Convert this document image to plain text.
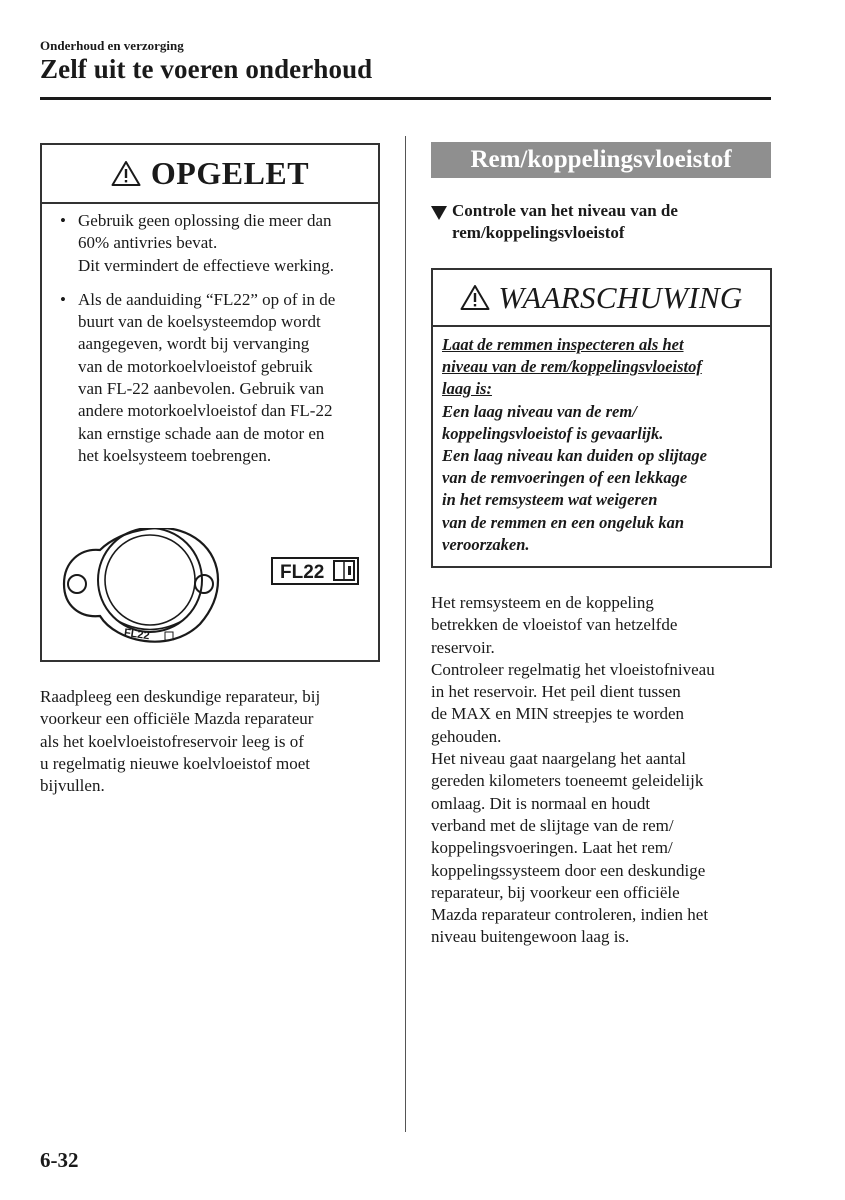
Onderhoud en verzorging
Zelf uit te voeren onderhoud
OPGELET
• Gebruik geen oplossing die meer dan
60% antivries bevat.
Dit vermindert de effectieve werking.
• Als de aanduiding “FL22” op of in de
buurt van de koelsysteemdop wordt
aangegeven, wordt bij vervanging
van de motorkoelvloeistof gebruik
van FL-22 aanbevolen. Gebruik van
andere motorkoelvloeistof dan FL-22
kan ernstige schade aan de motor en
het koelsysteem toebrengen.
FL22
FL22
Raadpleeg een deskundige reparateur, bij
voorkeur een officiële Mazda reparateur
als het koelvloeistofreservoir leeg is of
u regelmatig nieuwe koelvloeistof moet
bijvullen.
Rem/koppelingsvloeistof
Controle van het niveau van de
rem/koppelingsvloeistof
WAARSCHUWING
Laat de remmen inspecteren als het
niveau van de rem/koppelingsvloeistof
laag is:
Een laag niveau van de rem/
koppelingsvloeistof is gevaarlijk.
Een laag niveau kan duiden op slijtage
van de remvoeringen of een lekkage
in het remsysteem wat weigeren
van de remmen en een ongeluk kan
veroorzaken.
Het remsysteem en de koppeling
betrekken de vloeistof van hetzelfde
reservoir.
Controleer regelmatig het vloeistofniveau
in het reservoir. Het peil dient tussen
de MAX en MIN streepjes te worden
gehouden.
Het niveau gaat naargelang het aantal
gereden kilometers toeneemt geleidelijk
omlaag. Dit is normaal en houdt
verband met de slijtage van de rem/
koppelingsvoeringen. Laat het rem/
koppelingssysteem door een deskundige
reparateur, bij voorkeur een officiële
Mazda reparateur controleren, indien het
niveau buitengewoon laag is.
6-32
